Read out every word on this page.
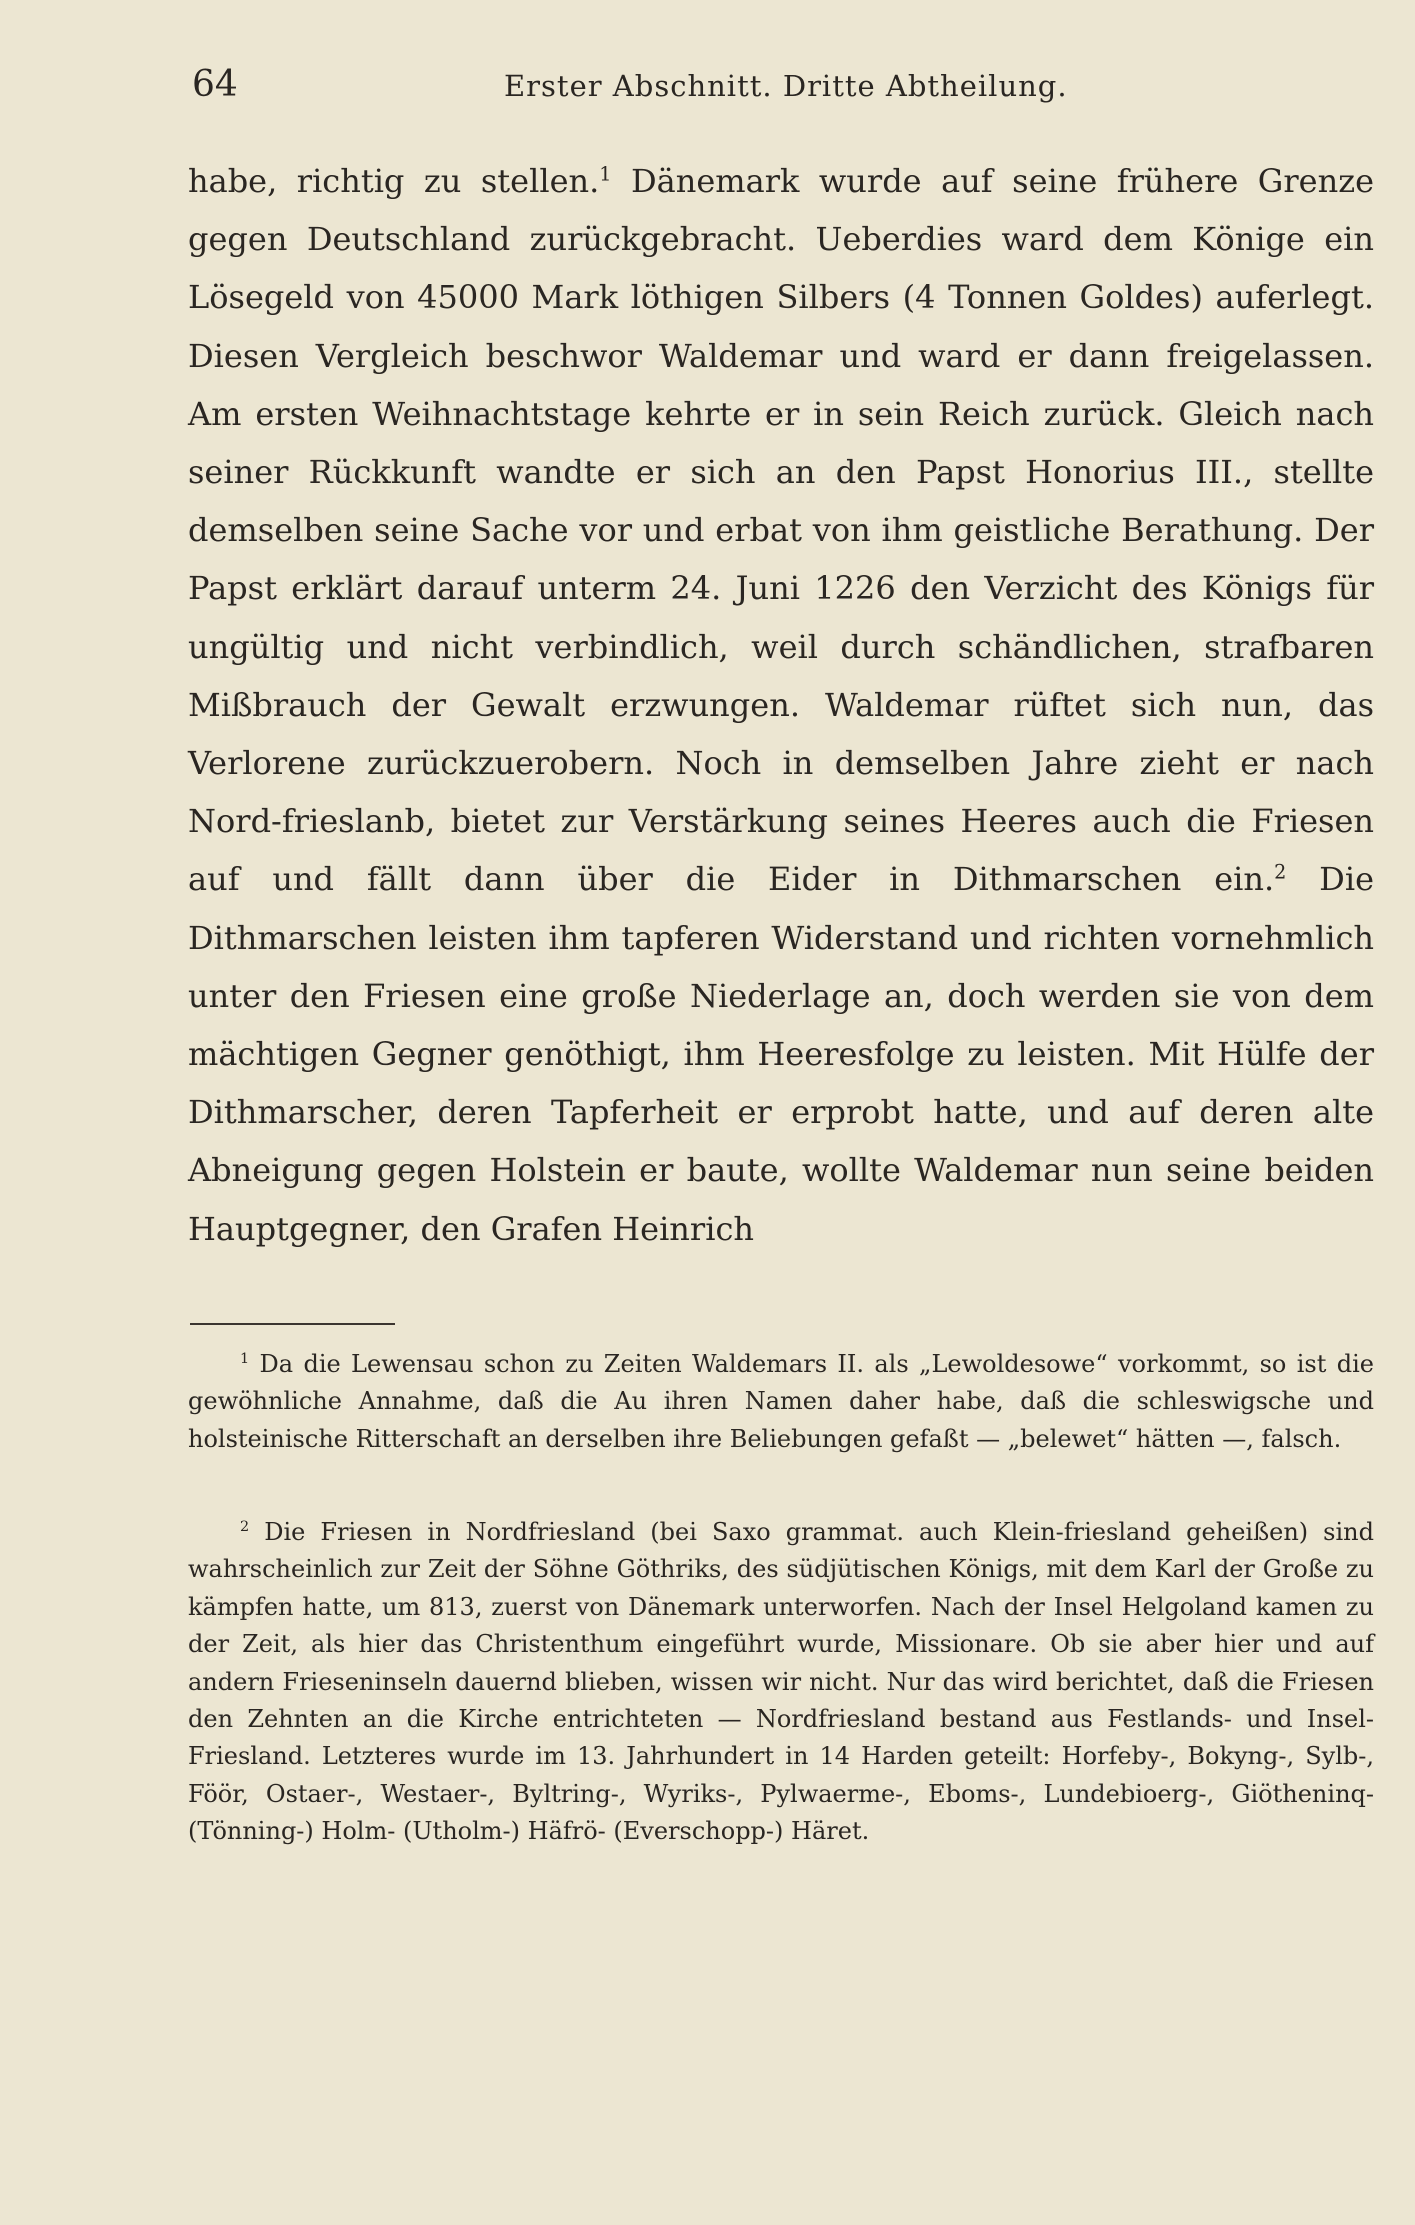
64	Erster Abschnitt. Dritte Abtheilung.

habe, richtig zu stellen.$^1$ Dänemark wurde auf seine frühere Grenze gegen Deutschland zurückgebracht. Ueberdies ward dem Könige ein Lösegeld von 45000 Mark löthigen Silbers (4 Tonnen Goldes) auferlegt. Diesen Vergleich beschwor Waldemar und ward er dann freigelassen. Am ersten Weihnachtstage kehrte er in sein Reich zurück. Gleich nach seiner Rückkunft wandte er sich an den Papst Honorius III., stellte demselben seine Sache vor und erbat von ihm geistliche Berathung. Der Papst erklärt darauf unterm 24. Juni 1226 den Verzicht des Königs für ungültig und nicht verbindlich, weil durch schändlichen, strafbaren Mißbrauch der Gewalt erzwungen. Waldemar rüftet sich nun, das Verlorene zurückzuerobern. Noch in demselben Jahre zieht er nach Nord-frieslanb, bietet zur Verstärkung seines Heeres auch die Friesen auf und fällt dann über die Eider in Dithmarschen ein.$^2$ Die Dithmarschen leisten ihm tapferen Widerstand und richten vornehmlich unter den Friesen eine große Niederlage an, doch werden sie von dem mächtigen Gegner genöthigt, ihm Heeresfolge zu leisten. Mit Hülfe der Dithmarscher, deren Tapferheit er erprobt hatte, und auf deren alte Abneigung gegen Holstein er baute, wollte Waldemar nun seine beiden Hauptgegner, den Grafen Heinrich

$^1$ Da die Lewensau schon zu Zeiten Waldemars II. als „Lewoldesowe“ vorkommt, so ist die gewöhnliche Annahme, daß die Au ihren Namen daher habe, daß die schleswigsche und holsteinische Ritterschaft an derselben ihre Beliebungen gefaßt — „belewet“ hätten —, falsch.

$^2$ Die Friesen in Nordfriesland (bei Saxo grammat. auch Klein-friesland geheißen) sind wahrscheinlich zur Zeit der Söhne Göthriks, des südjütischen Königs, mit dem Karl der Große zu kämpfen hatte, um 813, zuerst von Dänemark unterworfen. Nach der Insel Helgoland kamen zu der Zeit, als hier das Christenthum eingeführt wurde, Missionare. Ob sie aber hier und auf andern Frieseninseln dauernd blieben, wissen wir nicht. Nur das wird berichtet, daß die Friesen den Zehnten an die Kirche entrichteten — Nordfriesland bestand aus Festlands- und Insel-Friesland. Letzteres wurde im 13. Jahrhundert in 14 Harden geteilt: Horfeby-, Bokyng-, Sylb-, Föör, Ostaer-, Westaer-, Byltring-, Wyriks-, Pylwaerme-, Eboms-, Lundebioerg-, Giötheninq- (Tönning-) Holm- (Utholm-) Häfrö- (Everschopp-) Häret.
